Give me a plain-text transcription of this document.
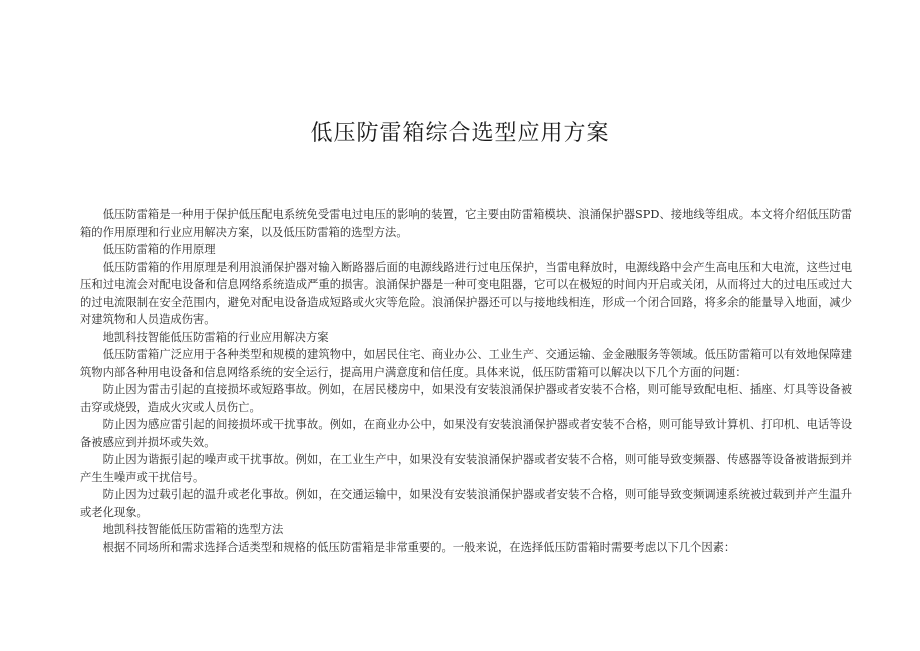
低压防雷箱综合选型应用方案

低压防雷箱是一种用于保护低压配电系统免受雷电过电压的影响的装置，它主要由防雷箱模块、浪涌保护器SPD、接地线等组成。本文将介绍低压防雷箱的作用原理和行业应用解决方案，以及低压防雷箱的选型方法。

低压防雷箱的作用原理

低压防雷箱的作用原理是利用浪涌保护器对输入断路器后面的电源线路进行过电压保护，当雷电释放时，电源线路中会产生高电压和大电流，这些过电压和过电流会对配电设备和信息网络系统造成严重的损害。浪涌保护器是一种可变电阻器，它可以在极短的时间内开启或关闭，从而将过大的过电压或过大的过电流限制在安全范围内，避免对配电设备造成短路或火灾等危险。浪涌保护器还可以与接地线相连，形成一个闭合回路，将多余的能量导入地面，减少对建筑物和人员造成伤害。

地凯科技智能低压防雷箱的行业应用解决方案

低压防雷箱广泛应用于各种类型和规模的建筑物中，如居民住宅、商业办公、工业生产、交通运输、金金融服务等领域。低压防雷箱可以有效地保障建筑物内部各种用电设备和信息网络系统的安全运行，提高用户满意度和信任度。具体来说，低压防雷箱可以解决以下几个方面的问题：

防止因为雷击引起的直接损坏或短路事故。例如，在居民楼房中，如果没有安装浪涌保护器或者安装不合格，则可能导致配电柜、插座、灯具等设备被击穿或烧毁，造成火灾或人员伤亡。

防止因为感应雷引起的间接损坏或干扰事故。例如，在商业办公中，如果没有安装浪涌保护器或者安装不合格，则可能导致计算机、打印机、电话等设备被感应到并损坏或失效。

防止因为谐振引起的噪声或干扰事故。例如，在工业生产中，如果没有安装浪涌保护器或者安装不合格，则可能导致变频器、传感器等设备被谐振到并产生生噪声或干扰信号。

防止因为过载引起的温升或老化事故。例如，在交通运输中，如果没有安装浪涌保护器或者安装不合格，则可能导致变频调速系统被过载到并产生温升或老化现象。

地凯科技智能低压防雷箱的选型方法

根据不同场所和需求选择合适类型和规格的低压防雷箱是非常重要的。一般来说，在选择低压防雷箱时需要考虑以下几个因素：
